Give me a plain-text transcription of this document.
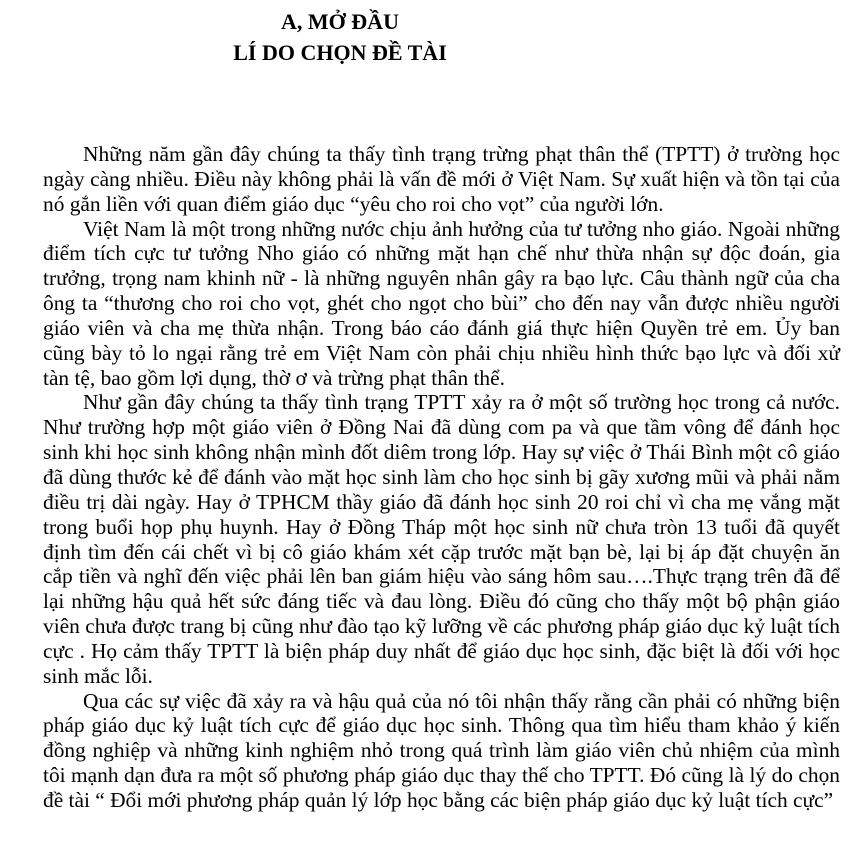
A, MỞ ĐẦU
LÍ DO CHỌN ĐỀ TÀI

Những năm gần đây chúng ta thấy tình trạng trừng phạt thân thể (TPTT) ở trường học ngày càng nhiều. Điều này không phải là vấn đề mới ở Việt Nam. Sự xuất hiện và tồn tại của nó gắn liền với quan điểm giáo dục “yêu cho roi cho vọt” của người lớn.

Việt Nam là một trong những nước chịu ảnh hưởng của tư tưởng nho giáo. Ngoài những điểm tích cực tư tưởng Nho giáo có những mặt hạn chế như thừa nhận sự độc đoán, gia trưởng, trọng nam khinh nữ - là những nguyên nhân gây ra bạo lực. Câu thành ngữ của cha ông ta “thương cho roi cho vọt, ghét cho ngọt cho bùi” cho đến nay vẫn được nhiều người giáo viên và cha mẹ thừa nhận. Trong báo cáo đánh giá thực hiện Quyền trẻ em. Ủy ban cũng bày tỏ lo ngại rằng trẻ em Việt Nam còn phải chịu nhiều hình thức bạo lực và đối xử tàn tệ, bao gồm lợi dụng, thờ ơ và trừng phạt thân thể.

Như gần đây chúng ta thấy tình trạng TPTT xảy ra ở một số trường học trong cả nước. Như trường hợp một giáo viên ở Đồng Nai đã dùng com pa và que tầm vông để đánh học sinh khi học sinh không nhận mình đốt diêm trong lớp. Hay sự việc ở Thái Bình một cô giáo đã dùng thước kẻ để đánh vào mặt học sinh làm cho học sinh bị gãy xương mũi và phải nằm điều trị dài ngày. Hay ở TPHCM thầy giáo đã đánh học sinh 20 roi chỉ vì cha mẹ vắng mặt trong buổi họp phụ huynh. Hay ở Đồng Tháp một học sinh nữ chưa tròn 13 tuổi đã quyết định tìm đến cái chết vì bị cô giáo khám xét cặp trước mặt bạn bè, lại bị áp đặt chuyện ăn cắp tiền và nghĩ đến việc phải lên ban giám hiệu vào sáng hôm sau….Thực trạng trên đã để lại những hậu quả hết sức đáng tiếc và đau lòng. Điều đó cũng cho thấy một bộ phận giáo viên chưa được trang bị cũng như đào tạo kỹ lưỡng về các phương pháp giáo dục kỷ luật tích cực . Họ cảm thấy TPTT là biện pháp duy nhất để giáo dục học sinh, đặc biệt là đối với học sinh mắc lỗi.

Qua các sự việc đã xảy ra và hậu quả của nó tôi nhận thấy rằng cần phải có những biện pháp giáo dục kỷ luật tích cực để giáo dục học sinh. Thông qua tìm hiểu tham khảo ý kiến đồng nghiệp và những kinh nghiệm nhỏ trong quá trình làm giáo viên chủ nhiệm của mình tôi mạnh dạn đưa ra một số phương pháp giáo dục thay thế cho TPTT. Đó cũng là lý do chọn đề tài “ Đổi mới phương pháp quản lý lớp học bằng các biện pháp giáo dục kỷ luật tích cực”
